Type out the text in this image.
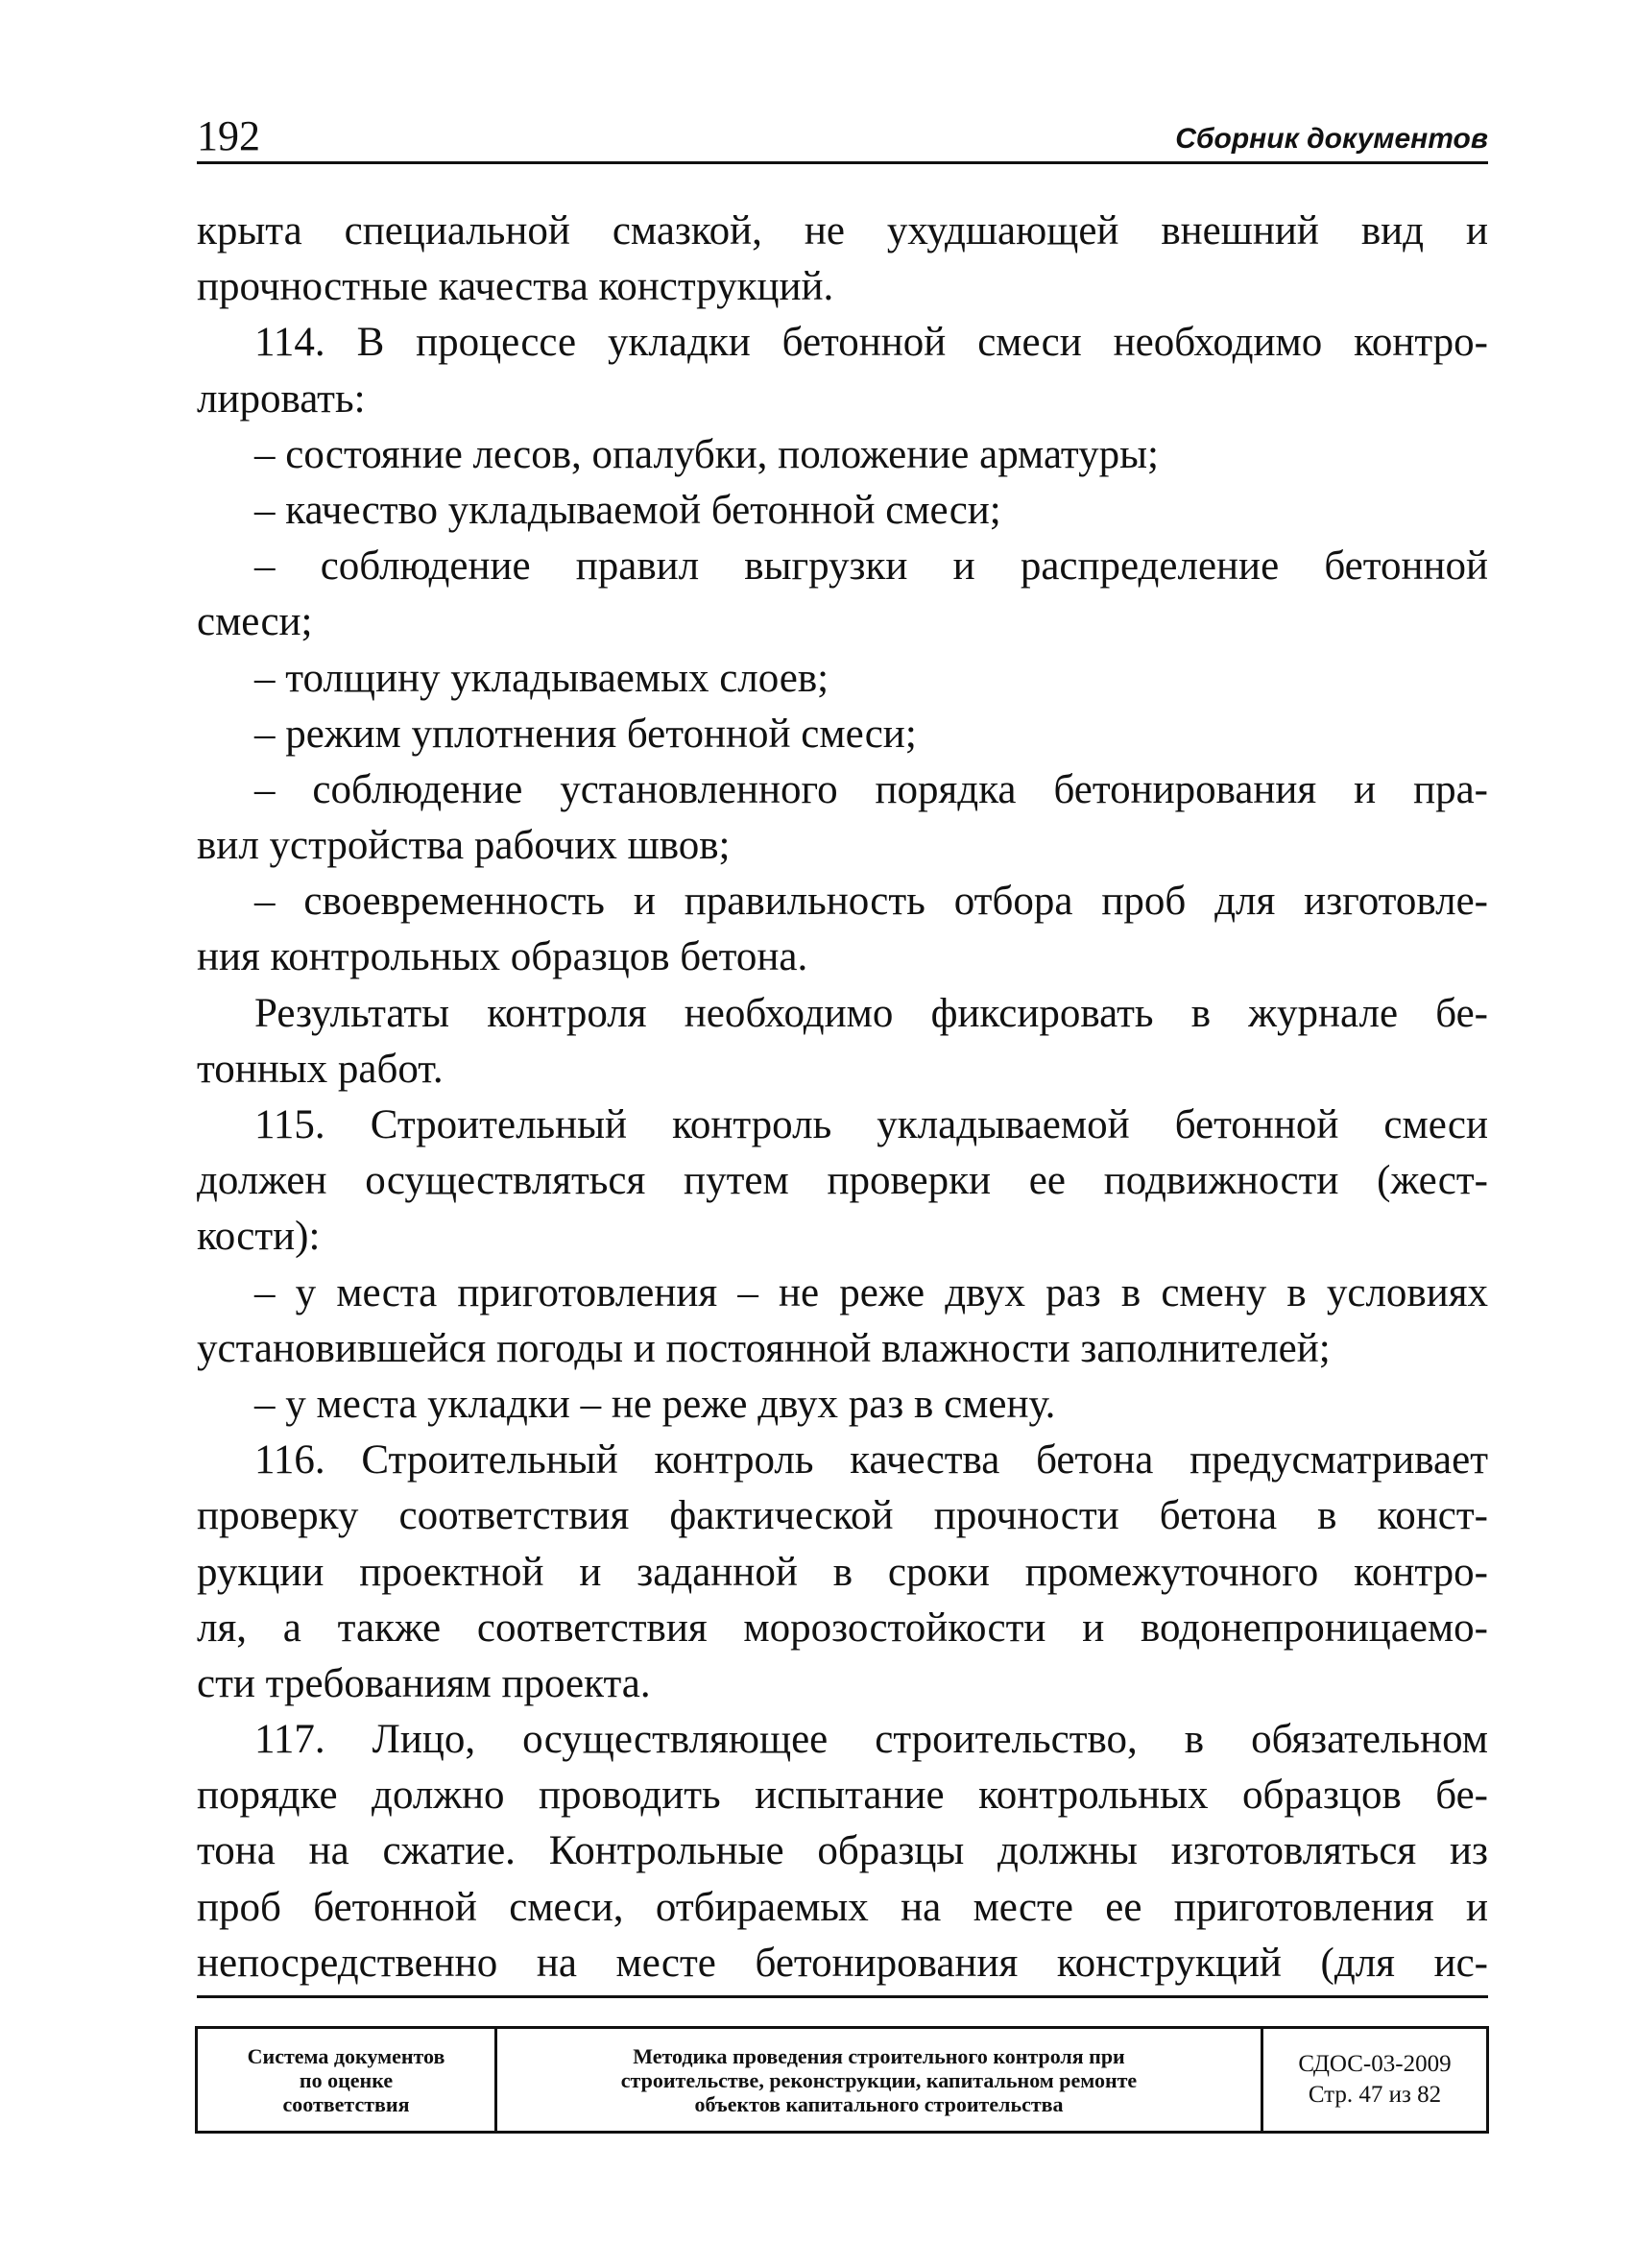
192	Сборник документов
крыта специальной смазкой, не ухудшающей внешний вид и
прочностные качества конструкций.
114. В процессе укладки бетонной смеси необходимо контро-
лировать:
– состояние лесов, опалубки, положение арматуры;
– качество укладываемой бетонной смеси;
– соблюдение правил выгрузки и распределение бетонной
смеси;
– толщину укладываемых слоев;
– режим уплотнения бетонной смеси;
– соблюдение установленного порядка бетонирования и пра-
вил устройства рабочих швов;
– своевременность и правильность отбора проб для изготовле-
ния контрольных образцов бетона.
Результаты контроля необходимо фиксировать в журнале бе-
тонных работ.
115. Строительный контроль укладываемой бетонной смеси
должен осуществляться путем проверки ее подвижности (жест-
кости):
– у места приготовления – не реже двух раз в смену в условиях
установившейся погоды и постоянной влажности заполнителей;
– у места укладки – не реже двух раз в смену.
116. Строительный контроль качества бетона предусматривает
проверку соответствия фактической прочности бетона в конст-
рукции проектной и заданной в сроки промежуточного контро-
ля, а также соответствия морозостойкости и водонепроницаемо-
сти требованиям проекта.
117. Лицо, осуществляющее строительство, в обязательном
порядке должно проводить испытание контрольных образцов бе-
тона на сжатие. Контрольные образцы должны изготовляться из
проб бетонной смеси, отбираемых на месте ее приготовления и
непосредственно на месте бетонирования конструкций (для ис-
Система документов
по оценке
соответствия
Методика проведения строительного контроля при
строительстве, реконструкции, капитальном ремонте
объектов капитального строительства
СДОС-03-2009
Стр. 47 из 82
